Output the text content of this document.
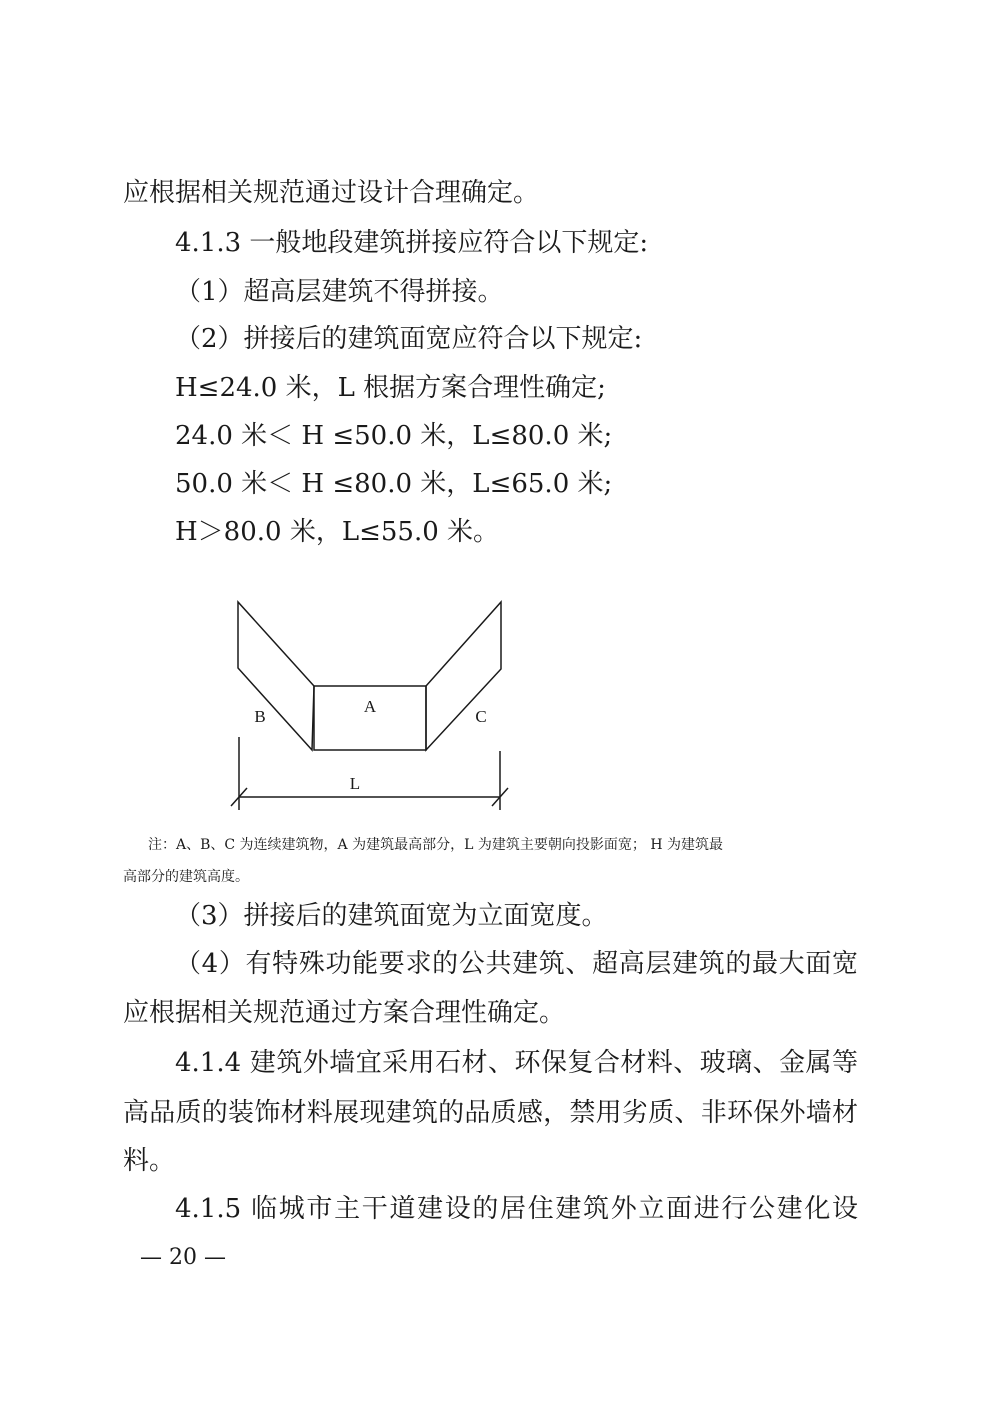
应根据相关规范通过设计合理确定。
4.1.3 一般地段建筑拼接应符合以下规定:
（1）超高层建筑不得拼接。
（2）拼接后的建筑面宽应符合以下规定:
H≤24.0 米，L 根据方案合理性确定;
24.0 米＜ H ≤50.0 米，L≤80.0 米;
50.0 米＜ H ≤80.0 米，L≤65.0 米;
H＞80.0 米，L≤55.0 米。
A
B	C
L
注：A、B、C 为连续建筑物，A 为建筑最高部分，L 为建筑主要朝向投影面宽； H 为建筑最
高部分的建筑高度。
（3）拼接后的建筑面宽为立面宽度。
（4）有特殊功能要求的公共建筑、超高层建筑的最大面宽
应根据相关规范通过方案合理性确定。
4.1.4 建筑外墙宜采用石材、环保复合材料、玻璃、金属等
高品质的装饰材料展现建筑的品质感，禁用劣质、非环保外墙材
料。
4.1.5 临城市主干道建设的居住建筑外立面进行公建化设
— 20 —
